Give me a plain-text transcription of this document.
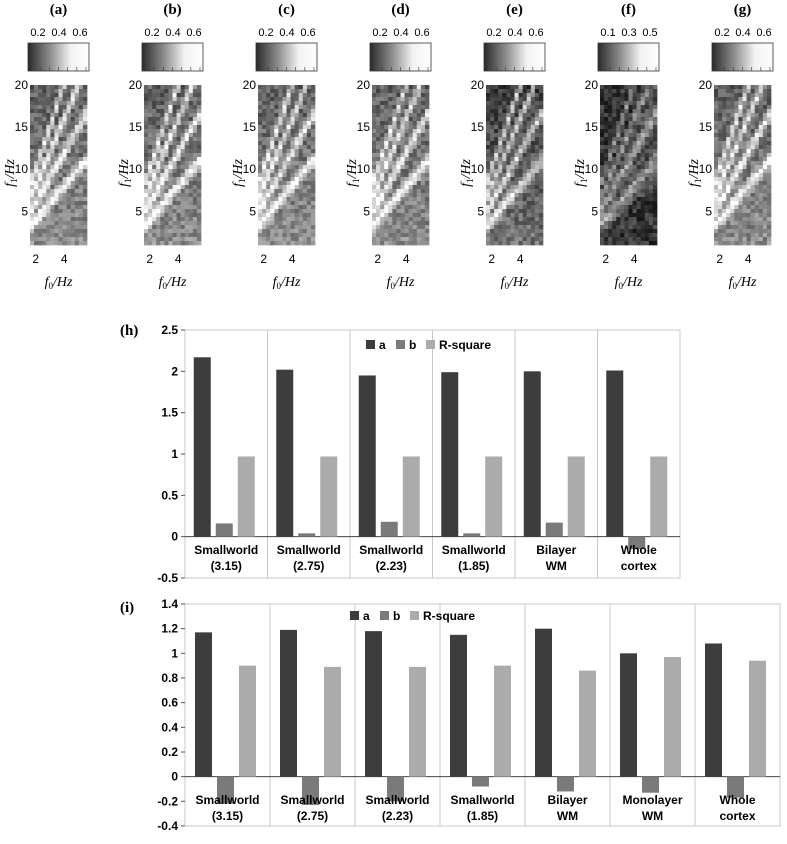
(a)
0.2 0.4 0.6
20
15
10
5
2 4
$f_1/Hz$
$f_0/Hz$
(b)
0.2 0.4 0.6
20
15
10
5
2 4
$f_1/Hz$
$f_0/Hz$
(c)
0.2 0.4 0.6
20
15
10
5
2 4
$f_1/Hz$
$f_0/Hz$
(d)
0.2 0.4 0.6
20
15
10
5
2 4
$f_1/Hz$
$f_0/Hz$
(e)
0.2 0.4 0.6
20
15
10
5
2 4
$f_1/Hz$
$f_0/Hz$
(f)
0.1 0.3 0.5
20
15
10
5
2 4
$f_1/Hz$
$f_0/Hz$
(g)
0.2 0.4 0.6
20
15
10
5
2 4
$f_1/Hz$
$f_0/Hz$
(h) 2.5
2
1.5
1
0.5
0
-0.5
Smallworld
(3.15)
Smallworld
(2.75)
Smallworld
(2.23)
Smallworld
(1.85)
Bilayer
WM
Whole
cortex
a b R-square
(i) 1.4
1.2
1
0.8
0.6
0.4
0.2
0
-0.2
-0.4
Smallworld
(3.15)
Smallworld
(2.75)
Smallworld
(2.23)
Smallworld
(1.85)
Bilayer
WM
Monolayer
WM
Whole
cortex
a b R-square
